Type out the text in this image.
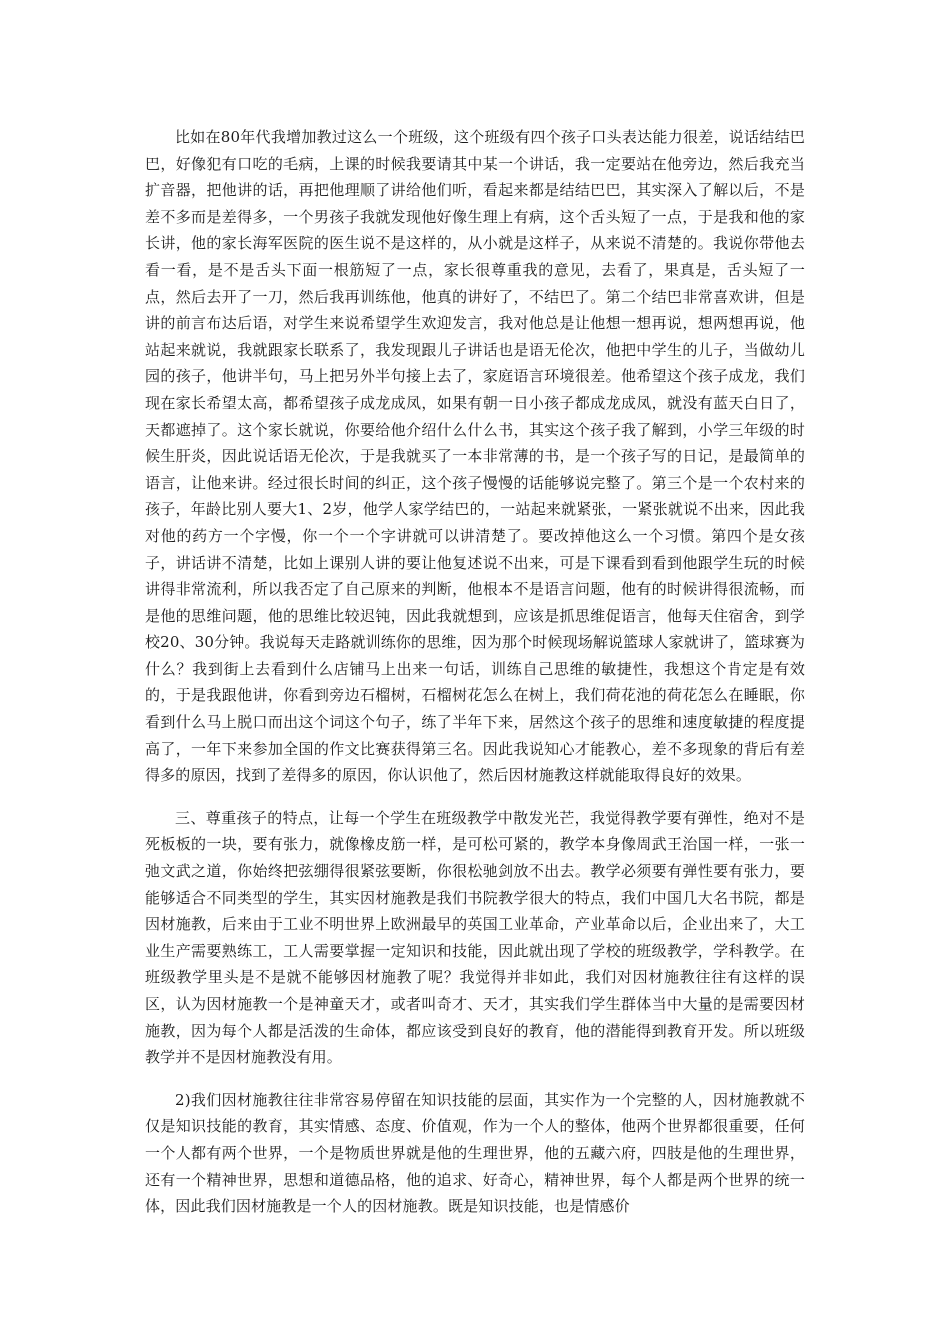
比如在80年代我增加教过这么一个班级，这个班级有四个孩子口头表达能力很差，说话结结巴巴，好像犯有口吃的毛病，上课的时候我要请其中某一个讲话，我一定要站在他旁边，然后我充当扩音器，把他讲的话，再把他理顺了讲给他们听，看起来都是结结巴巴，其实深入了解以后，不是差不多而是差得多，一个男孩子我就发现他好像生理上有病，这个舌头短了一点，于是我和他的家长讲，他的家长海军医院的医生说不是这样的，从小就是这样子，从来说不清楚的。我说你带他去看一看，是不是舌头下面一根筋短了一点，家长很尊重我的意见，去看了，果真是，舌头短了一点，然后去开了一刀，然后我再训练他，他真的讲好了，不结巴了。第二个结巴非常喜欢讲，但是讲的前言布达后语，对学生来说希望学生欢迎发言，我对他总是让他想一想再说，想两想再说，他站起来就说，我就跟家长联系了，我发现跟儿子讲话也是语无伦次，他把中学生的儿子，当做幼儿园的孩子，他讲半句，马上把另外半句接上去了，家庭语言环境很差。他希望这个孩子成龙，我们现在家长希望太高，都希望孩子成龙成凤，如果有朝一日小孩子都成龙成凤，就没有蓝天白日了，天都遮掉了。这个家长就说，你要给他介绍什么什么书，其实这个孩子我了解到，小学三年级的时候生肝炎，因此说话语无伦次，于是我就买了一本非常薄的书，是一个孩子写的日记，是最简单的语言，让他来讲。经过很长时间的纠正，这个孩子慢慢的话能够说完整了。第三个是一个农村来的孩子，年龄比别人要大1、2岁，他学人家学结巴的，一站起来就紧张，一紧张就说不出来，因此我对他的药方一个字慢，你一个一个字讲就可以讲清楚了。要改掉他这么一个习惯。第四个是女孩子，讲话讲不清楚，比如上课别人讲的要让他复述说不出来，可是下课看到看到他跟学生玩的时候讲得非常流利，所以我否定了自己原来的判断，他根本不是语言问题，他有的时候讲得很流畅，而是他的思维问题，他的思维比较迟钝，因此我就想到，应该是抓思维促语言，他每天住宿舍，到学校20、30分钟。我说每天走路就训练你的思维，因为那个时候现场解说篮球人家就讲了，篮球赛为什么？我到街上去看到什么店铺马上出来一句话，训练自己思维的敏捷性，我想这个肯定是有效的，于是我跟他讲，你看到旁边石榴树，石榴树花怎么在树上，我们荷花池的荷花怎么在睡眠，你看到什么马上脱口而出这个词这个句子，练了半年下来，居然这个孩子的思维和速度敏捷的程度提高了，一年下来参加全国的作文比赛获得第三名。因此我说知心才能教心，差不多现象的背后有差得多的原因，找到了差得多的原因，你认识他了，然后因材施教这样就能取得良好的效果。

三、尊重孩子的特点，让每一个学生在班级教学中散发光芒，我觉得教学要有弹性，绝对不是死板板的一块，要有张力，就像橡皮筋一样，是可松可紧的，教学本身像周武王治国一样，一张一弛文武之道，你始终把弦绷得很紧弦要断，你很松驰剑放不出去。教学必须要有弹性要有张力，要能够适合不同类型的学生，其实因材施教是我们书院教学很大的特点，我们中国几大名书院，都是因材施教，后来由于工业不明世界上欧洲最早的英国工业革命，产业革命以后，企业出来了，大工业生产需要熟练工，工人需要掌握一定知识和技能，因此就出现了学校的班级教学，学科教学。在班级教学里头是不是就不能够因材施教了呢？我觉得并非如此，我们对因材施教往往有这样的误区，认为因材施教一个是神童天才，或者叫奇才、天才，其实我们学生群体当中大量的是需要因材施教，因为每个人都是活泼的生命体，都应该受到良好的教育，他的潜能得到教育开发。所以班级教学并不是因材施教没有用。

2)我们因材施教往往非常容易停留在知识技能的层面，其实作为一个完整的人，因材施教就不仅是知识技能的教育，其实情感、态度、价值观，作为一个人的整体，他两个世界都很重要，任何一个人都有两个世界，一个是物质世界就是他的生理世界，他的五藏六府，四肢是他的生理世界，还有一个精神世界，思想和道德品格，他的追求、好奇心，精神世界，每个人都是两个世界的统一体，因此我们因材施教是一个人的因材施教。既是知识技能，也是情感价
